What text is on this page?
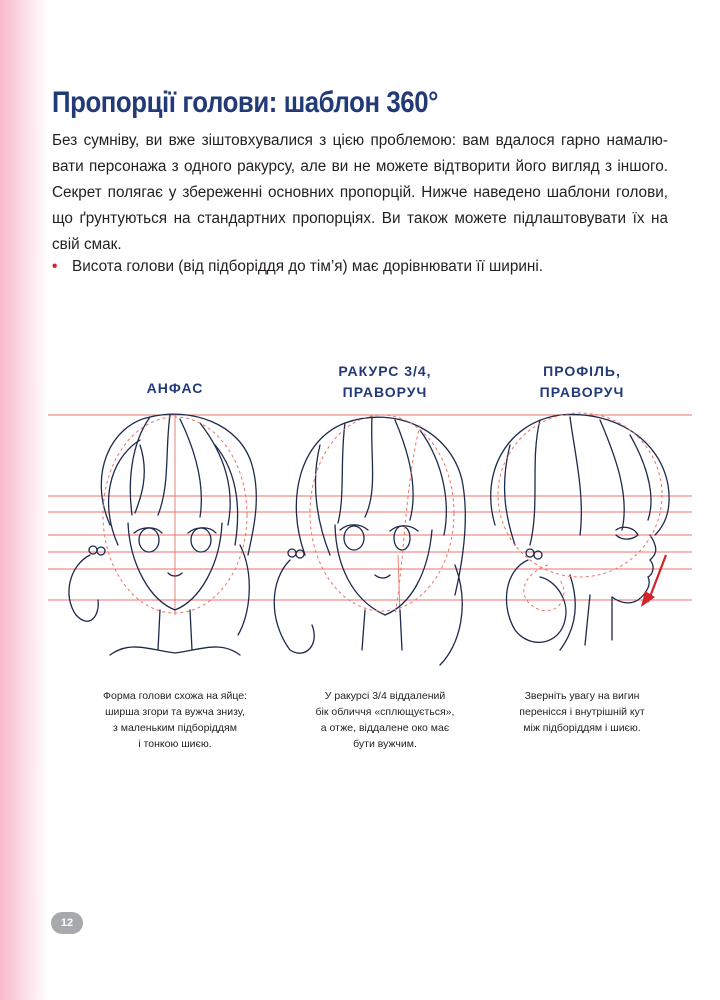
Пропорції голови: шаблон 360°

Без сумніву, ви вже зіштовхувалися з цією проблемою: вам вдалося гарно намалю-вати персонажа з одного ракурсу, але ви не можете відтворити його вигляд з іншого. Секрет полягає у збереженні основних пропорцій. Нижче наведено шаблони голови, що ґрунтуються на стандартних пропорціях. Ви також можете підлаштовувати їх на свій смак.

• Висота голови (від підборіддя до тім’я) має дорівнювати її ширині.
АНФАС
РАКУРС 3/4,
ПРАВОРУЧ
ПРОФІЛЬ,
ПРАВОРУЧ
Форма голови схожа на яйце:
ширша згори та вужча знизу,
з маленьким підборіддям
і тонкою шиєю.
У ракурсі 3/4 віддалений
бік обличчя «сплющується»,
а отже, віддалене око має
бути вужчим.
Зверніть увагу на вигин
перенісся і внутрішній кут
між підборіддям і шиєю.
12
